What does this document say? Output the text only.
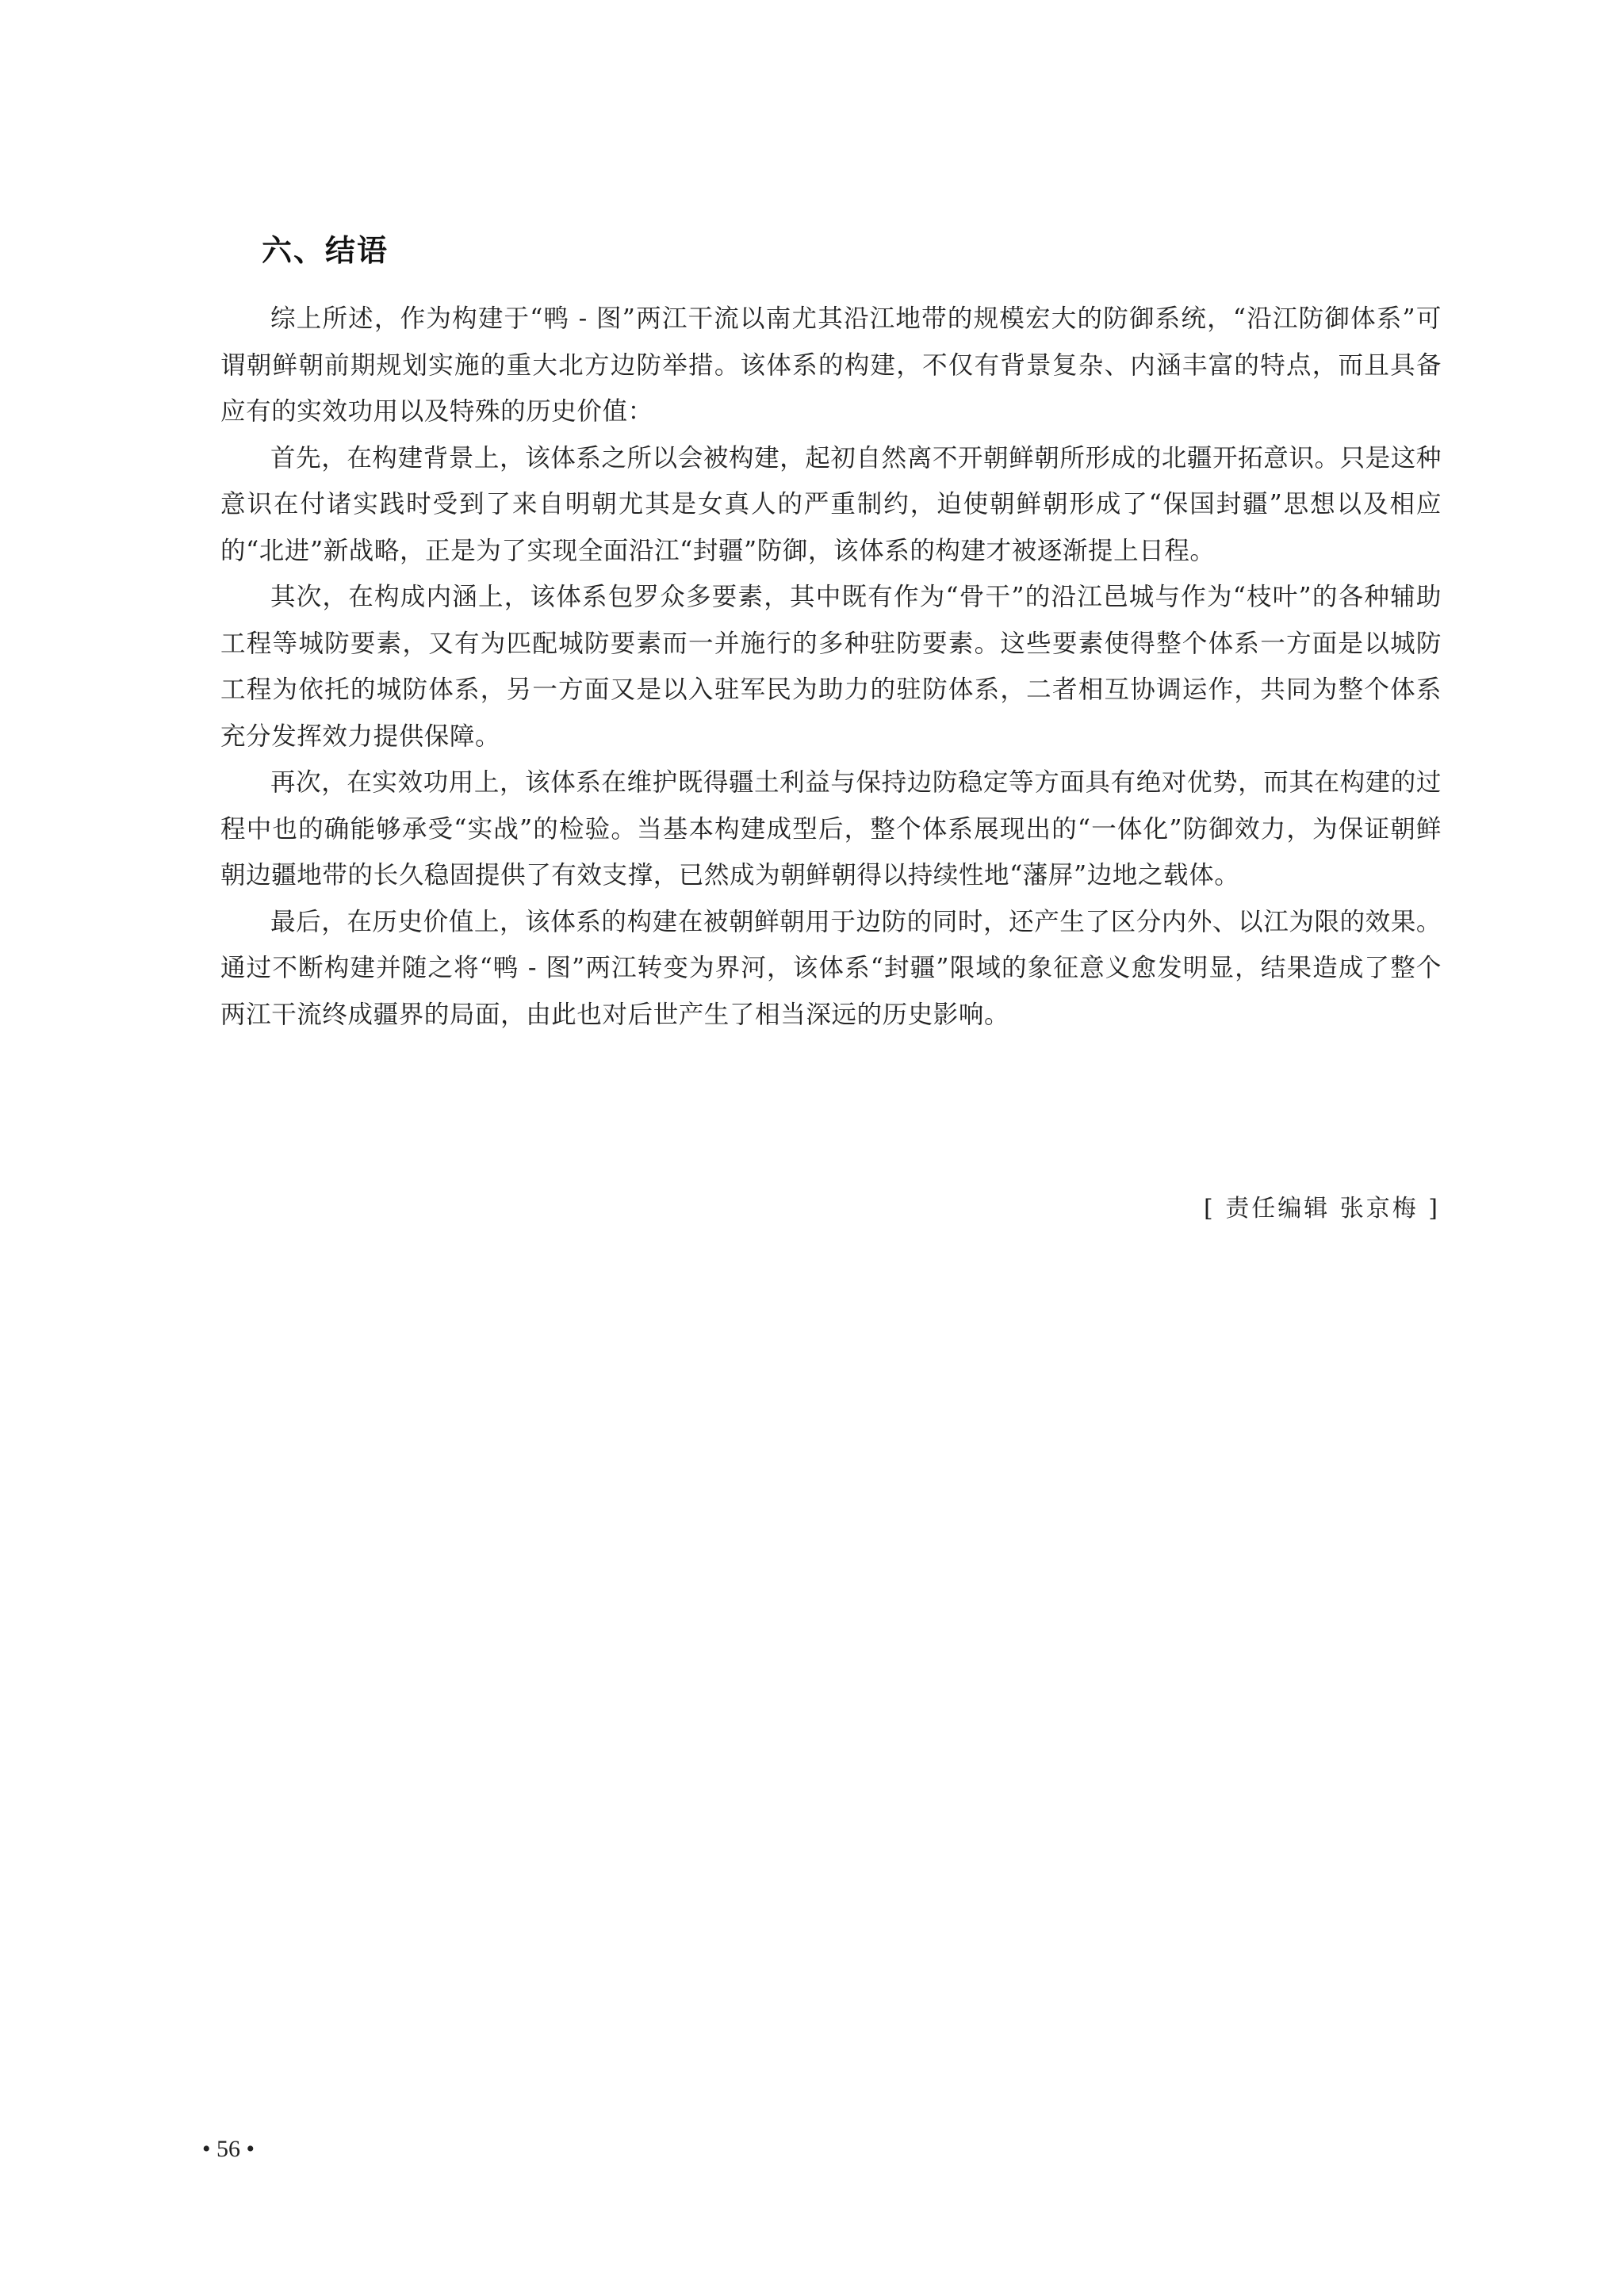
六、结语

综上所述，作为构建于“鸭 - 图”两江干流以南尤其沿江地带的规模宏大的防御系统，“沿江防御体系”可谓朝鲜朝前期规划实施的重大北方边防举措。该体系的构建，不仅有背景复杂、内涵丰富的特点，而且具备应有的实效功用以及特殊的历史价值：

首先，在构建背景上，该体系之所以会被构建，起初自然离不开朝鲜朝所形成的北疆开拓意识。只是这种意识在付诸实践时受到了来自明朝尤其是女真人的严重制约，迫使朝鲜朝形成了“保国封疆”思想以及相应的“北进”新战略，正是为了实现全面沿江“封疆”防御，该体系的构建才被逐渐提上日程。

其次，在构成内涵上，该体系包罗众多要素，其中既有作为“骨干”的沿江邑城与作为“枝叶”的各种辅助工程等城防要素，又有为匹配城防要素而一并施行的多种驻防要素。这些要素使得整个体系一方面是以城防工程为依托的城防体系，另一方面又是以入驻军民为助力的驻防体系，二者相互协调运作，共同为整个体系充分发挥效力提供保障。

再次，在实效功用上，该体系在维护既得疆土利益与保持边防稳定等方面具有绝对优势，而其在构建的过程中也的确能够承受“实战”的检验。当基本构建成型后，整个体系展现出的“一体化”防御效力，为保证朝鲜朝边疆地带的长久稳固提供了有效支撑，已然成为朝鲜朝得以持续性地“藩屏”边地之载体。

最后，在历史价值上，该体系的构建在被朝鲜朝用于边防的同时，还产生了区分内外、以江为限的效果。通过不断构建并随之将“鸭 - 图”两江转变为界河，该体系“封疆”限域的象征意义愈发明显，结果造成了整个两江干流终成疆界的局面，由此也对后世产生了相当深远的历史影响。

[ 责任编辑 张京梅 ]
• 56 •
